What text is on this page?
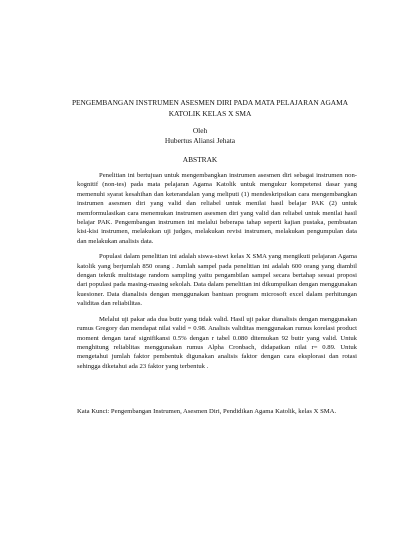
PENGEMBANGAN INSTRUMEN ASESMEN DIRI PADA MATA PELAJARAN AGAMA KATOLIK KELAS X SMA
Oleh
Hubertus Aliansi Jehata
ABSTRAK

Penelitian ini bertujuan untuk mengembangkan instrumen asesmen diri sebagai instrumen non-kognitif (non-tes) pada mata pelajaran Agama Katolik untuk mengukur kompetensi dasar yang memenuhi syarat kesahihan dan keterandalan yang meliputi (1) mendeskripsikan cara mengembangkan instrumen asesmen diri yang valid dan reliabel untuk menilai hasil belajar PAK (2) untuk memformulasikan cara menemukan instrumen asesmen diri yang valid dan reliabel untuk menilai hasil belajar PAK. Pengembangan instrumen ini melalui beberapa tahap seperti kajian pustaka, pembuatan kisi-kisi instrumen, melakukan uji judges, melakukan revisi instrumen, melakukan pengumpulan data dan melakukan analisis data.

Populasi dalam penelitian ini adalah siswa-siswi kelas X SMA yang mengikuti pelajaran Agama katolik yang berjumlah 850 orang . Jumlah sampel pada penelitian ini adalah 600 orang yang diambil dengan teknik multistage random sampling yaitu pengambilan sampel secara bertahap sesuai proposi dari populasi pada masing-masing sekolah. Data dalam penelitian ini dikumpulkan dengan menggunakan kuesioner. Data dianalisis dengan menggunakan bantuan program microsoft excel dalam perhitungan validitas dan reliabilitas.

Melalui uji pakar ada dua butir yang tidak valid. Hasil uji pakar dianalisis dengan menggunakan rumus Gregory dan mendapat nilai valid = 0.98. Analisis validitas menggunakan rumus korelasi product moment dengan taraf signifikansi 0.5% dengan r tabel 0.080 ditemukan 92 butir yang valid. Untuk menghitung reliablitas menggunakan rumus Alpha Cronbach, didapatkan nilai r= 0.89. Untuk mengetahui jumlah faktor pembentuk digunakan analisis faktor dengan cara eksplorasi dan rotasi sehingga diketahui ada 23 faktor yang terbentuk .

Kata Kunci: Pengembangan Instrumen, Asesmen Diri, Pendidikan Agama Katolik, kelas X SMA.
